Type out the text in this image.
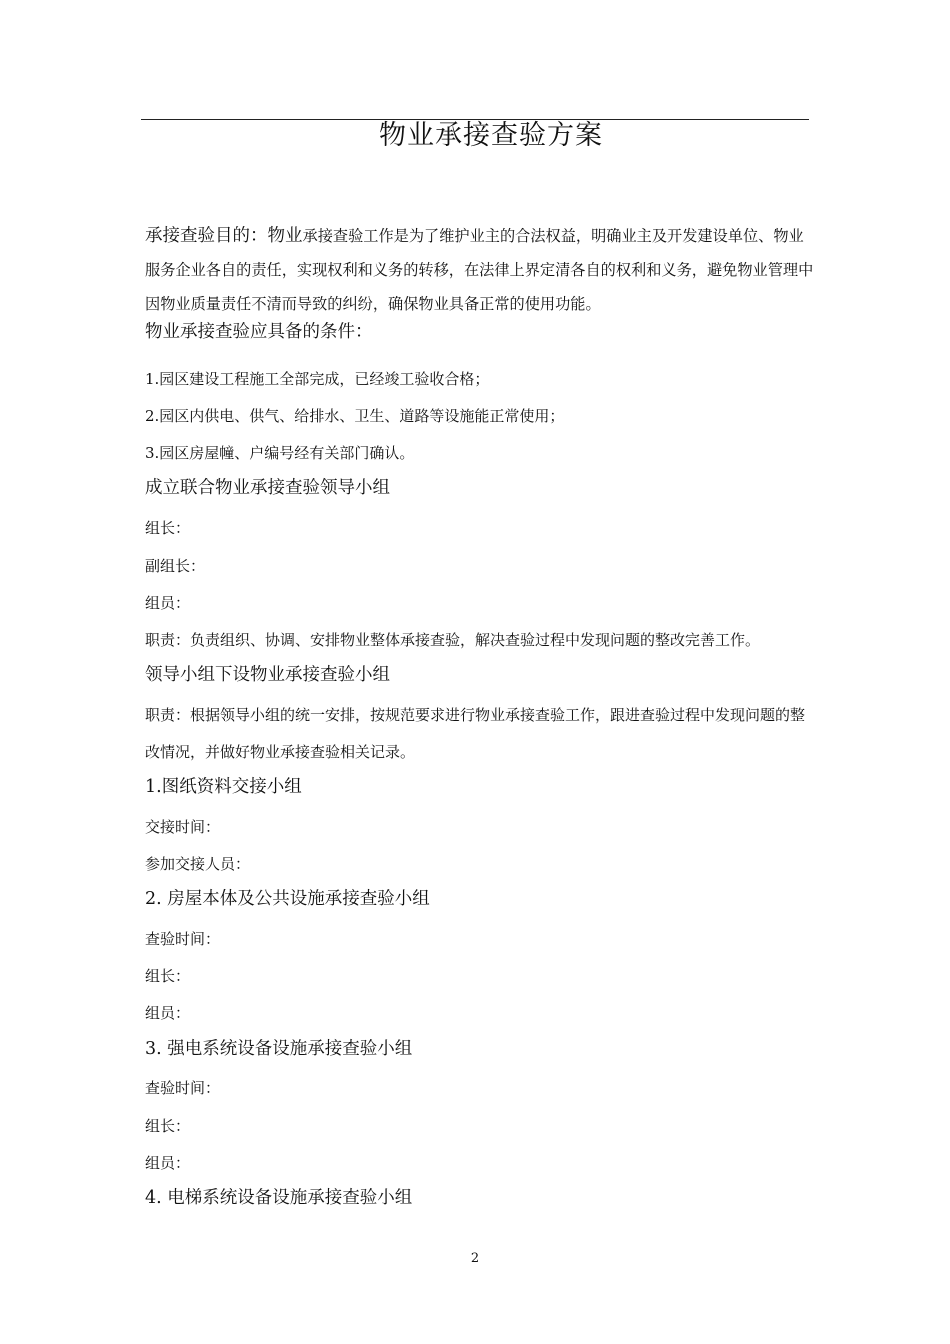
物业承接查验方案
承接查验目的：物业承接查验工作是为了维护业主的合法权益，明确业主及开发建设单位、物业服务企业各自的责任，实现权利和义务的转移，在法律上界定清各自的权利和义务，避免物业管理中因物业质量责任不清而导致的纠纷，确保物业具备正常的使用功能。
物业承接查验应具备的条件：
1.园区建设工程施工全部完成，已经竣工验收合格；
2.园区内供电、供气、给排水、卫生、道路等设施能正常使用；
3.园区房屋幢、户编号经有关部门确认。
成立联合物业承接查验领导小组
组长：
副组长：
组员：
职责：负责组织、协调、安排物业整体承接查验，解决查验过程中发现问题的整改完善工作。
领导小组下设物业承接查验小组
职责：根据领导小组的统一安排，按规范要求进行物业承接查验工作，跟进查验过程中发现问题的整改情况，并做好物业承接查验相关记录。
1.图纸资料交接小组
交接时间：
参加交接人员：
2. 房屋本体及公共设施承接查验小组
查验时间：
组长：
组员：
3. 强电系统设备设施承接查验小组
查验时间：
组长：
组员：
4. 电梯系统设备设施承接查验小组
2
